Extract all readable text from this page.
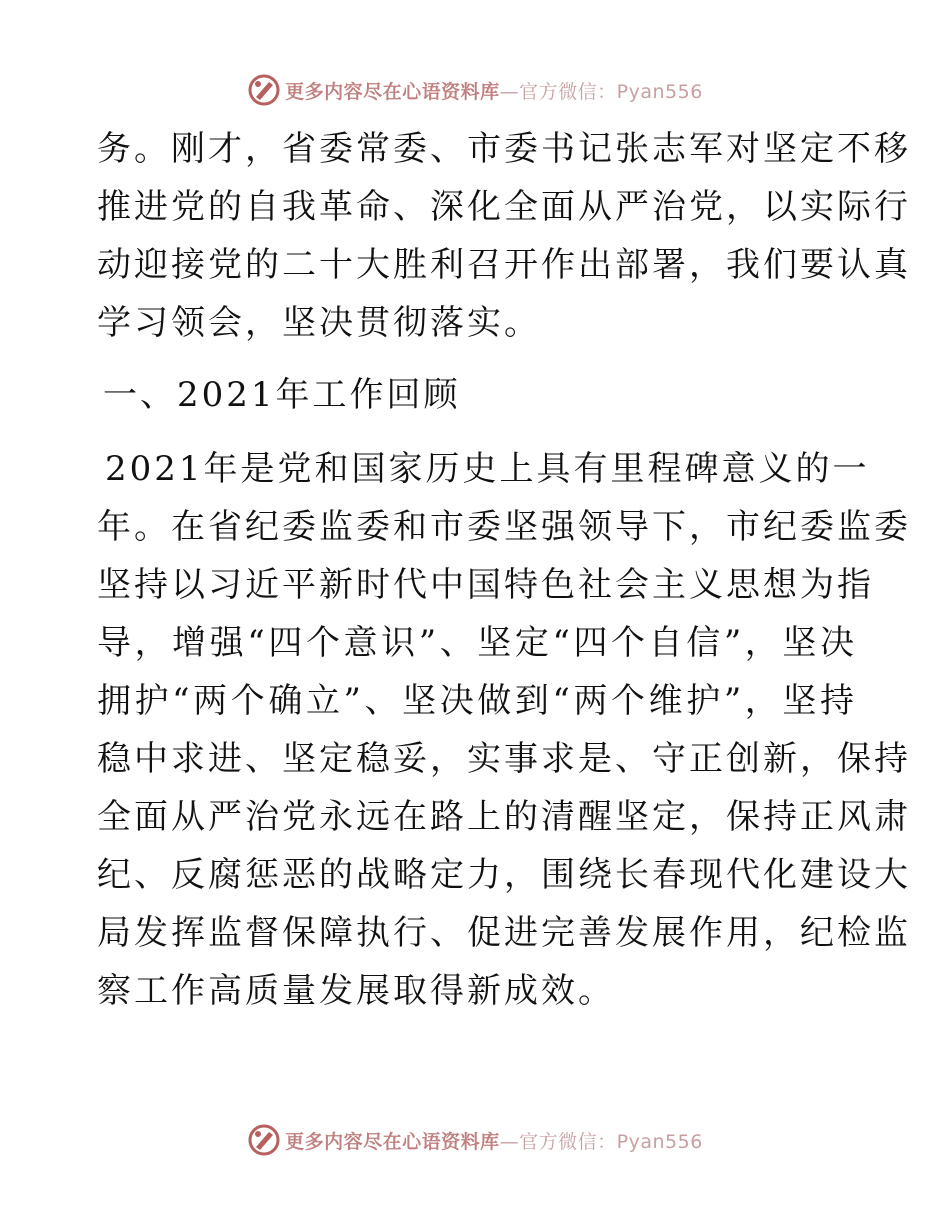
更多内容尽在心语资料库—官方微信：Pyan556
务。刚才，省委常委、市委书记张志军对坚定不移
推进党的自我革命、深化全面从严治党，以实际行
动迎接党的二十大胜利召开作出部署，我们要认真
学习领会，坚决贯彻落实。
一、2021年工作回顾
2021年是党和国家历史上具有里程碑意义的一
年。在省纪委监委和市委坚强领导下，市纪委监委
坚持以习近平新时代中国特色社会主义思想为指
导，增强“四个意识”、坚定“四个自信”，坚决
拥护“两个确立”、坚决做到“两个维护”，坚持
稳中求进、坚定稳妥，实事求是、守正创新，保持
全面从严治党永远在路上的清醒坚定，保持正风肃
纪、反腐惩恶的战略定力，围绕长春现代化建设大
局发挥监督保障执行、促进完善发展作用，纪检监
察工作高质量发展取得新成效。
更多内容尽在心语资料库—官方微信：Pyan556
